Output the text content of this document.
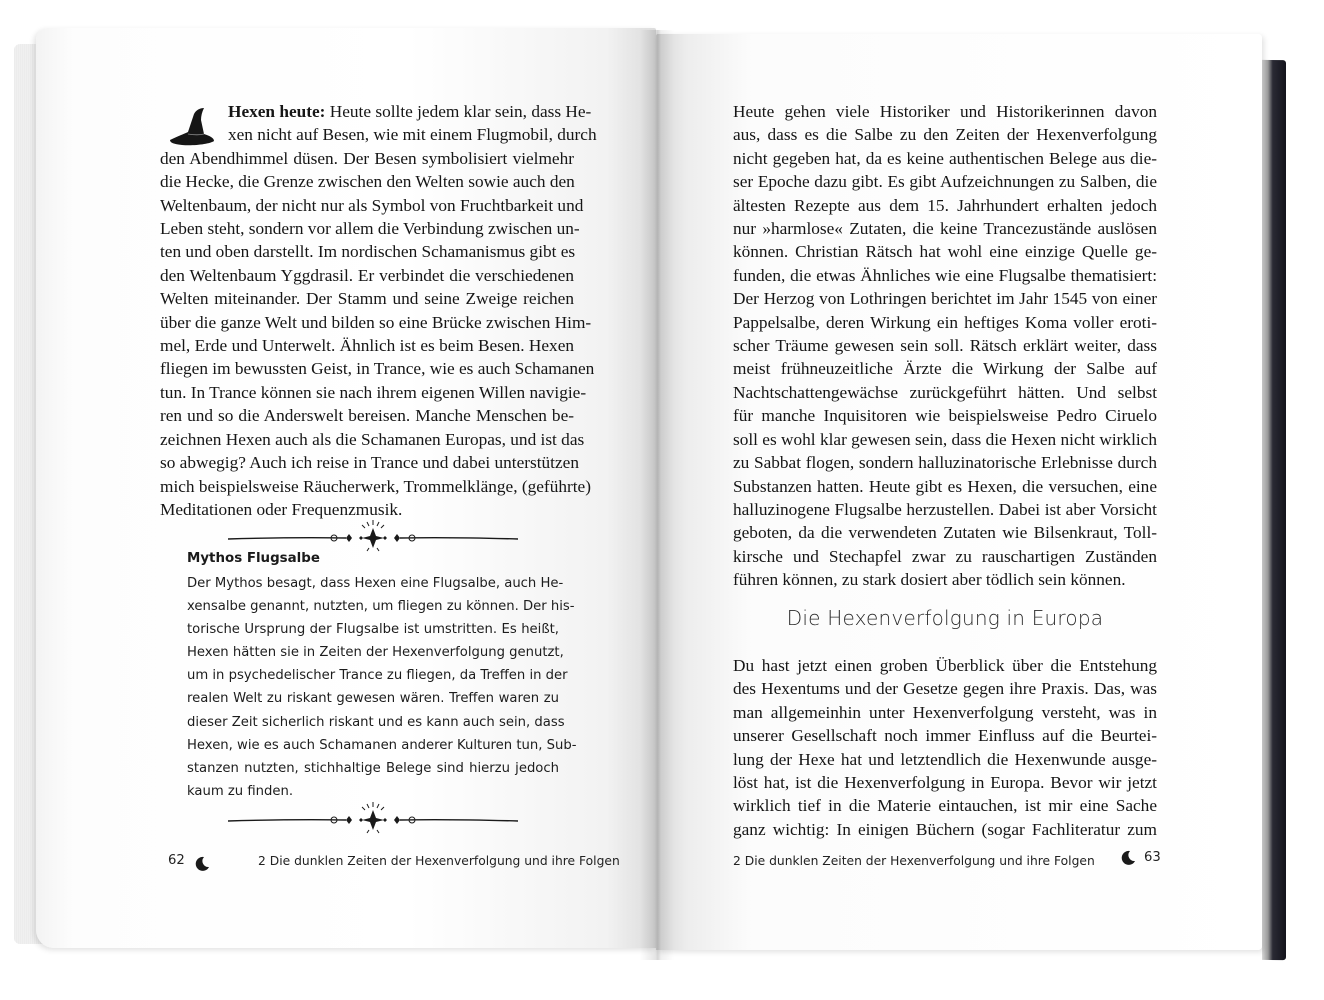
Hexen heute: Heute sollte jedem klar sein, dass He-
xen nicht auf Besen, wie mit einem Flugmobil, durch
den Abendhimmel düsen. Der Besen symbolisiert vielmehr
die Hecke, die Grenze zwischen den Welten sowie auch den
Weltenbaum, der nicht nur als Symbol von Fruchtbarkeit und
Leben steht, sondern vor allem die Verbindung zwischen un-
ten und oben darstellt. Im nordischen Schamanismus gibt es
den Weltenbaum Yggdrasil. Er verbindet die verschiedenen
Welten miteinander. Der Stamm und seine Zweige reichen
über die ganze Welt und bilden so eine Brücke zwischen Him-
mel, Erde und Unterwelt. Ähnlich ist es beim Besen. Hexen
fliegen im bewussten Geist, in Trance, wie es auch Schamanen
tun. In Trance können sie nach ihrem eigenen Willen navigie-
ren und so die Anderswelt bereisen. Manche Menschen be-
zeichnen Hexen auch als die Schamanen Europas, und ist das
so abwegig? Auch ich reise in Trance und dabei unterstützen
mich beispielsweise Räucherwerk, Trommelklänge, (geführte)
Meditationen oder Frequenzmusik.
Mythos Flugsalbe
Der Mythos besagt, dass Hexen eine Flugsalbe, auch He-
xensalbe genannt, nutzten, um fliegen zu können. Der his-
torische Ursprung der Flugsalbe ist umstritten. Es heißt,
Hexen hätten sie in Zeiten der Hexenverfolgung genutzt,
um in psychedelischer Trance zu fliegen, da Treffen in der
realen Welt zu riskant gewesen wären. Treffen waren zu
dieser Zeit sicherlich riskant und es kann auch sein, dass
Hexen, wie es auch Schamanen anderer Kulturen tun, Sub-
stanzen nutzten, stichhaltige Belege sind hierzu jedoch
kaum zu finden.
62	2 Die dunklen Zeiten der Hexenverfolgung und ihre Folgen
Heute gehen viele Historiker und Historikerinnen davon
aus, dass es die Salbe zu den Zeiten der Hexenverfolgung
nicht gegeben hat, da es keine authentischen Belege aus die-
ser Epoche dazu gibt. Es gibt Aufzeichnungen zu Salben, die
ältesten Rezepte aus dem 15. Jahrhundert erhalten jedoch
nur »harmlose« Zutaten, die keine Trancezustände auslösen
können. Christian Rätsch hat wohl eine einzige Quelle ge-
funden, die etwas Ähnliches wie eine Flugsalbe thematisiert:
Der Herzog von Lothringen berichtet im Jahr 1545 von einer
Pappelsalbe, deren Wirkung ein heftiges Koma voller eroti-
scher Träume gewesen sein soll. Rätsch erklärt weiter, dass
meist frühneuzeitliche Ärzte die Wirkung der Salbe auf
Nachtschattengewächse zurückgeführt hätten. Und selbst
für manche Inquisitoren wie beispielsweise Pedro Ciruelo
soll es wohl klar gewesen sein, dass die Hexen nicht wirklich
zu Sabbat flogen, sondern halluzinatorische Erlebnisse durch
Substanzen hatten. Heute gibt es Hexen, die versuchen, eine
halluzinogene Flugsalbe herzustellen. Dabei ist aber Vorsicht
geboten, da die verwendeten Zutaten wie Bilsenkraut, Toll-
kirsche und Stechapfel zwar zu rauschartigen Zuständen
führen können, zu stark dosiert aber tödlich sein können.
Die Hexenverfolgung in Europa
Du hast jetzt einen groben Überblick über die Entstehung
des Hexentums und der Gesetze gegen ihre Praxis. Das, was
man allgemeinhin unter Hexenverfolgung versteht, was in
unserer Gesellschaft noch immer Einfluss auf die Beurtei-
lung der Hexe hat und letztendlich die Hexenwunde ausge-
löst hat, ist die Hexenverfolgung in Europa. Bevor wir jetzt
wirklich tief in die Materie eintauchen, ist mir eine Sache
ganz wichtig: In einigen Büchern (sogar Fachliteratur zum
2 Die dunklen Zeiten der Hexenverfolgung und ihre Folgen	63
